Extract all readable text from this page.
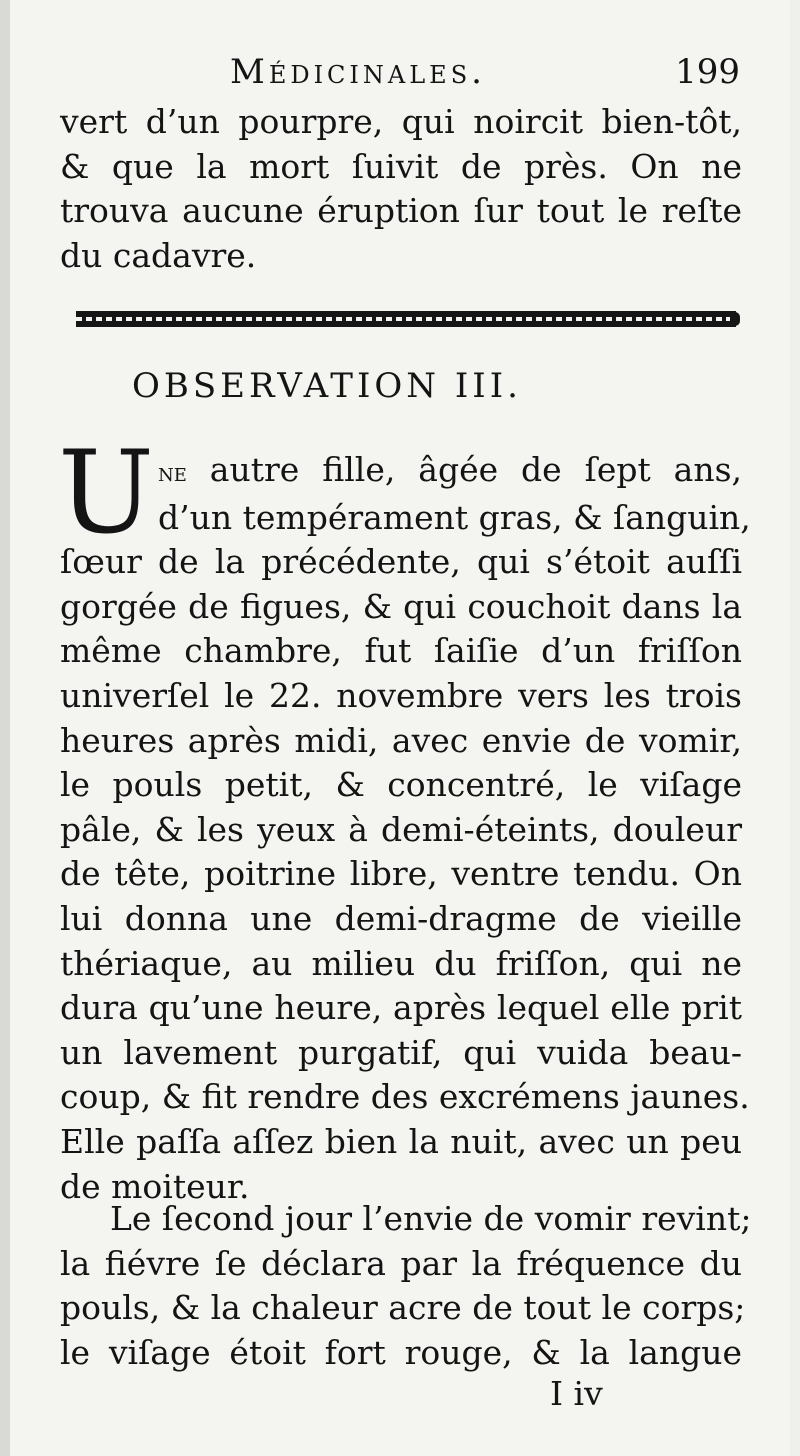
Médicinales.	199
vert d’un pourpre, qui noircit bien-tôt,
& que la mort ſuivit de près. On ne
trouva aucune éruption ſur tout le reſte
du cadavre.
OBSERVATION III.
U ne autre fille, âgée de ſept ans,
d’un tempérament gras, & ſanguin,
ſœur de la précédente, qui s’étoit auſſi
gorgée de figues, & qui couchoit dans la
même chambre, fut ſaiſie d’un friſſon
univerſel le 22. novembre vers les trois
heures après midi, avec envie de vomir,
le pouls petit, & concentré, le viſage
pâle, & les yeux à demi-éteints, douleur
de tête, poitrine libre, ventre tendu. On
lui donna une demi-dragme de vieille
thériaque, au milieu du friſſon, qui ne
dura qu’une heure, après lequel elle prit
un lavement purgatif, qui vuida beau-
coup, & fit rendre des excrémens jaunes.
Elle paſſa aſſez bien la nuit, avec un peu
de moiteur.
Le ſecond jour l’envie de vomir revint;
la fiévre ſe déclara par la fréquence du
pouls, & la chaleur acre de tout le corps;
le viſage étoit fort rouge, & la langue
I iv
